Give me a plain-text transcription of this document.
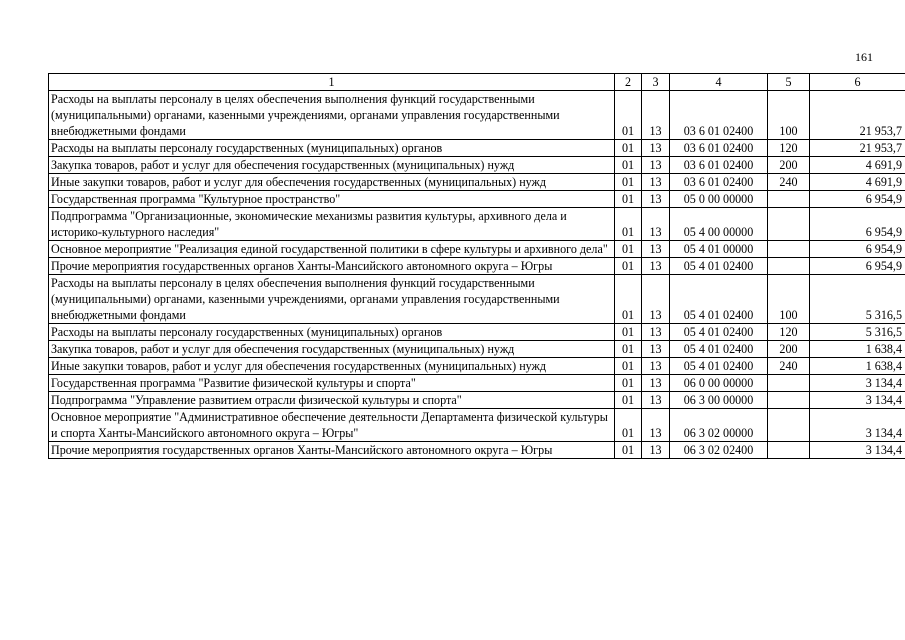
161
1	2	3	4	5	6
Расходы на выплаты персоналу в целях обеспечения выполнения функций государственными (муниципальными) органами, казенными учреждениями, органами управления государственными внебюджетными фондами	01	13	03 6 01 02400	100	21 953,7
Расходы на выплаты персоналу государственных (муниципальных) органов	01	13	03 6 01 02400	120	21 953,7
Закупка товаров, работ и услуг для обеспечения государственных (муниципальных) нужд	01	13	03 6 01 02400	200	4 691,9
Иные закупки товаров, работ и услуг для обеспечения государственных (муниципальных) нужд	01	13	03 6 01 02400	240	4 691,9
Государственная программа "Культурное пространство"	01	13	05 0 00 00000		6 954,9
Подпрограмма "Организационные, экономические механизмы развития культуры, архивного дела и историко-культурного наследия"	01	13	05 4 00 00000		6 954,9
Основное мероприятие "Реализация единой государственной политики в сфере культуры и архивного дела"	01	13	05 4 01 00000		6 954,9
Прочие мероприятия государственных органов Ханты-Мансийского автономного округа – Югры	01	13	05 4 01 02400		6 954,9
Расходы на выплаты персоналу в целях обеспечения выполнения функций государственными (муниципальными) органами, казенными учреждениями, органами управления государственными внебюджетными фондами	01	13	05 4 01 02400	100	5 316,5
Расходы на выплаты персоналу государственных (муниципальных) органов	01	13	05 4 01 02400	120	5 316,5
Закупка товаров, работ и услуг для обеспечения государственных (муниципальных) нужд	01	13	05 4 01 02400	200	1 638,4
Иные закупки товаров, работ и услуг для обеспечения государственных (муниципальных) нужд	01	13	05 4 01 02400	240	1 638,4
Государственная программа "Развитие физической культуры и спорта"	01	13	06 0 00 00000		3 134,4
Подпрограмма "Управление развитием отрасли физической культуры и спорта"	01	13	06 3 00 00000		3 134,4
Основное мероприятие "Административное обеспечение деятельности Департамента физической культуры и спорта Ханты-Мансийского автономного округа – Югры"	01	13	06 3 02 00000		3 134,4
Прочие мероприятия государственных органов Ханты-Мансийского автономного округа – Югры	01	13	06 3 02 02400		3 134,4
